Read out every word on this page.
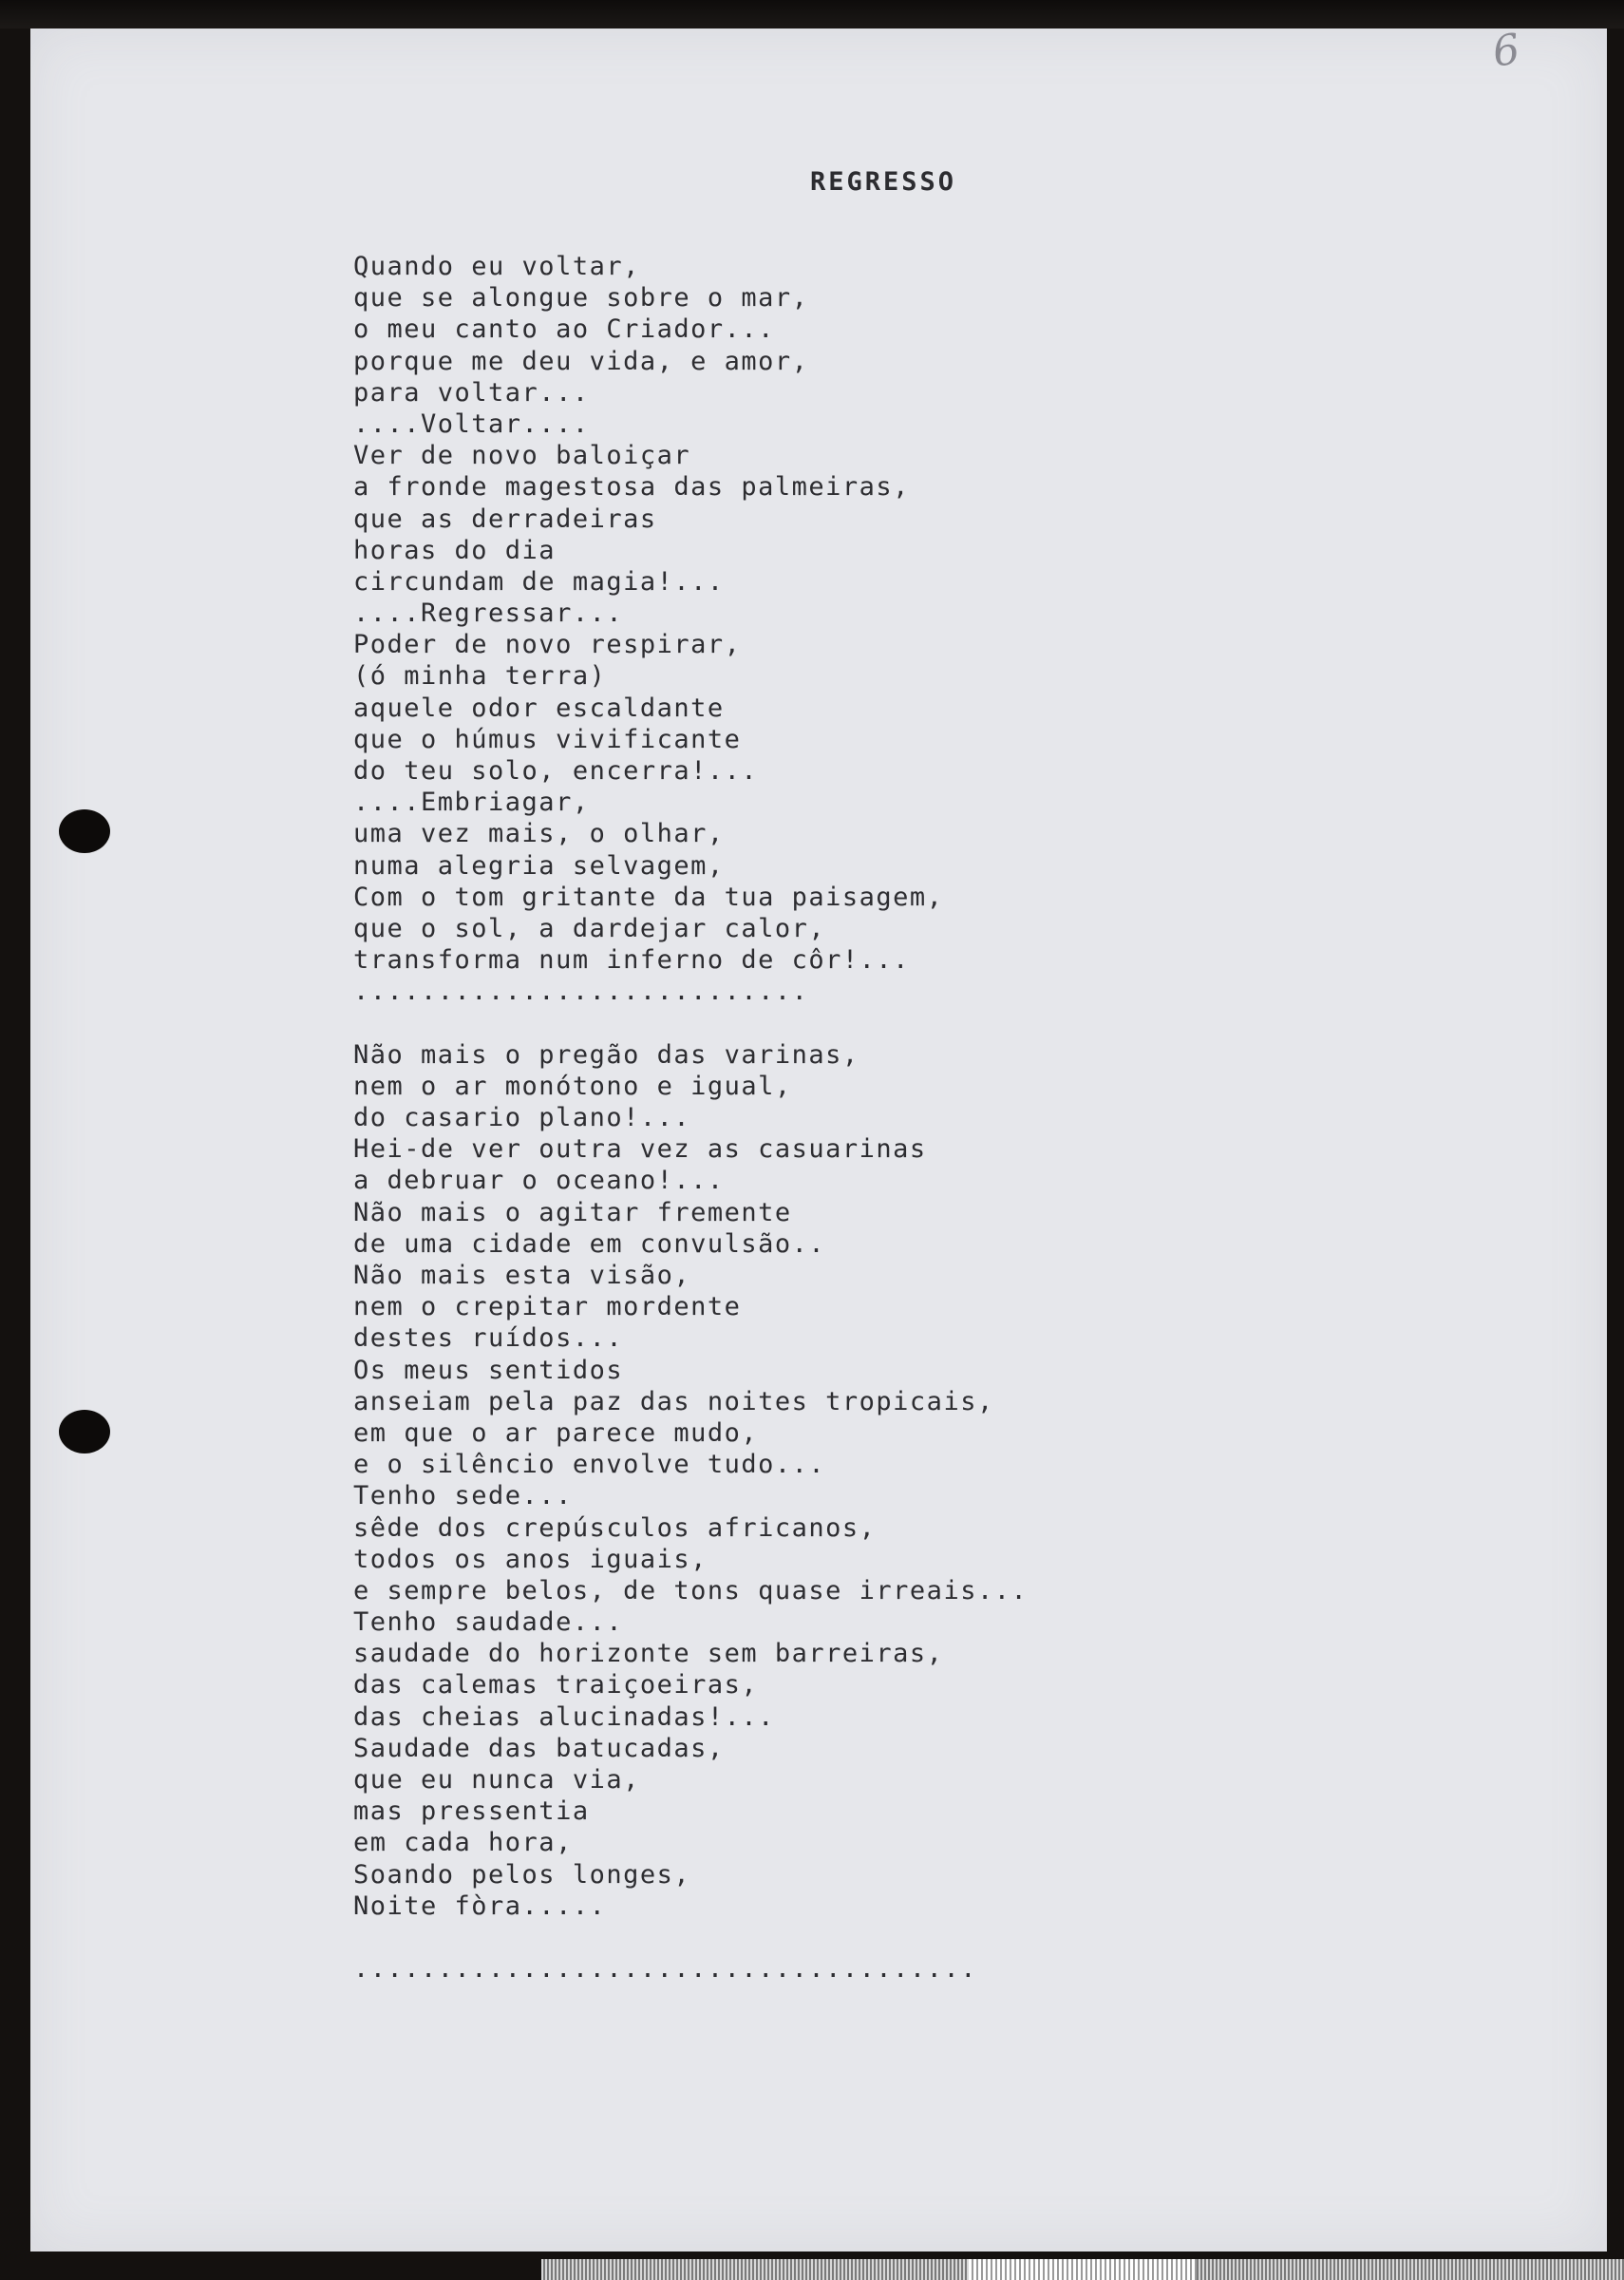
6
REGRESSO
Quando eu voltar,
que se alongue sobre o mar,
o meu canto ao Criador...
porque me deu vida, e amor,
para voltar...
....Voltar....
Ver de novo baloiçar
a fronde magestosa das palmeiras,
que as derradeiras
horas do dia
circundam de magia!...
....Regressar...
Poder de novo respirar,
(ó minha terra)
aquele odor escaldante
que o húmus vivificante
do teu solo, encerra!...
....Embriagar,
uma vez mais, o olhar,
numa alegria selvagem,
Com o tom gritante da tua paisagem,
que o sol, a dardejar calor,
transforma num inferno de côr!...
...........................
Não mais o pregão das varinas,
nem o ar monótono e igual,
do casario plano!...
Hei-de ver outra vez as casuarinas
a debruar o oceano!...
Não mais o agitar fremente
de uma cidade em convulsão..
Não mais esta visão,
nem o crepitar mordente
destes ruídos...
Os meus sentidos
anseiam pela paz das noites tropicais,
em que o ar parece mudo,
e o silêncio envolve tudo...
Tenho sede...
sêde dos crepúsculos africanos,
todos os anos iguais,
e sempre belos, de tons quase irreais...
Tenho saudade...
saudade do horizonte sem barreiras,
das calemas traiçoeiras,
das cheias alucinadas!...
Saudade das batucadas,
que eu nunca via,
mas pressentia
em cada hora,
Soando pelos longes,
Noite fòra.....
.....................................
